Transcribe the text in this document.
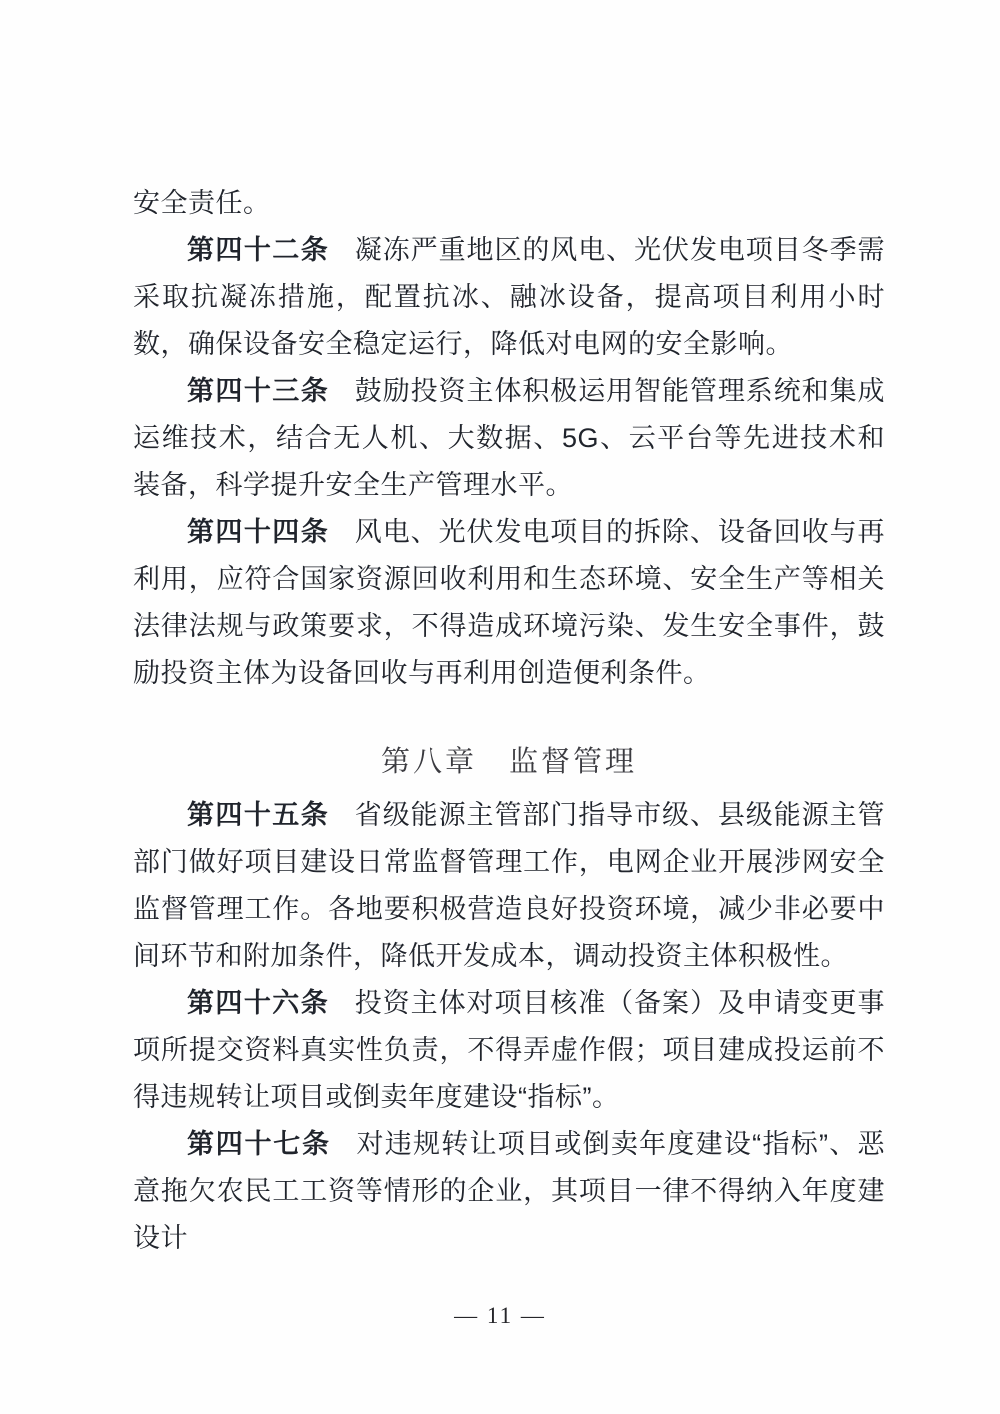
安全责任。

第四十二条 凝冻严重地区的风电、光伏发电项目冬季需采取抗凝冻措施，配置抗冰、融冰设备，提高项目利用小时数，确保设备安全稳定运行，降低对电网的安全影响。

第四十三条 鼓励投资主体积极运用智能管理系统和集成运维技术，结合无人机、大数据、5G、云平台等先进技术和装备，科学提升安全生产管理水平。

第四十四条 风电、光伏发电项目的拆除、设备回收与再利用，应符合国家资源回收利用和生态环境、安全生产等相关法律法规与政策要求，不得造成环境污染、发生安全事件，鼓励投资主体为设备回收与再利用创造便利条件。

第八章　监督管理

第四十五条 省级能源主管部门指导市级、县级能源主管部门做好项目建设日常监督管理工作，电网企业开展涉网安全监督管理工作。各地要积极营造良好投资环境，减少非必要中间环节和附加条件，降低开发成本，调动投资主体积极性。

第四十六条 投资主体对项目核准（备案）及申请变更事项所提交资料真实性负责，不得弄虚作假；项目建成投运前不得违规转让项目或倒卖年度建设“指标”。

第四十七条 对违规转让项目或倒卖年度建设“指标”、恶意拖欠农民工工资等情形的企业，其项目一律不得纳入年度建设计

— 11 —
